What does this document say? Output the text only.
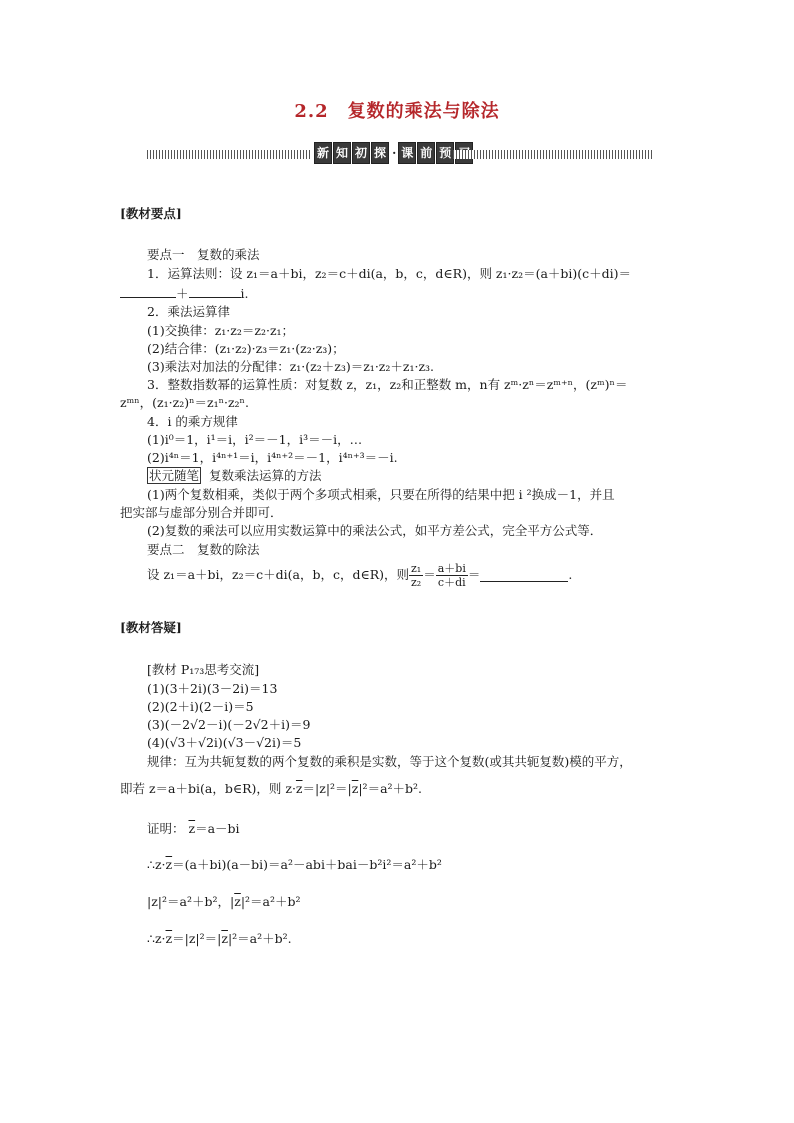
2.2　复数的乘法与除法
新 知 初 探 · 课 前 预
[教材要点]
要点一　复数的乘法
1．运算法则：设 z₁＝a＋bi，z₂＝c＋di(a，b，c，d∈R)，则 z₁·z₂＝(a＋bi)(c＋di)＝
＋	i.
2．乘法运算律
(1)交换律：z₁·z₂＝z₂·z₁；
(2)结合律：(z₁·z₂)·z₃＝z₁·(z₂·z₃)；
(3)乘法对加法的分配律：z₁·(z₂＋z₃)＝z₁·z₂＋z₁·z₃.
3．整数指数幂的运算性质：对复数 z，z₁，z₂和正整数 m，n有 zᵐ·zⁿ＝zᵐ⁺ⁿ，(zᵐ)ⁿ＝
zᵐⁿ，(z₁·z₂)ⁿ＝z₁ⁿ·z₂ⁿ.
4．i 的乘方规律
(1)i⁰＝1，i¹＝i，i²＝－1，i³＝－i，…
(2)i⁴ⁿ＝1，i⁴ⁿ⁺¹＝i，i⁴ⁿ⁺²＝－1，i⁴ⁿ⁺³＝－i.
状元随笔 复数乘法运算的方法
(1)两个复数相乘，类似于两个多项式相乘，只要在所得的结果中把 i ²换成－1，并且
把实部与虚部分别合并即可．
(2)复数的乘法可以应用实数运算中的乘法公式，如平方差公式，完全平方公式等．
要点二　复数的除法
设 z₁＝a＋bi，z₂＝c＋di(a，b，c，d∈R)，则 $\frac{\text{z₁}}{\text{z₂}} = \frac{a+bi}{c+di}$ ＝	.
[教材答疑]
[教材 P₁₇₃思考交流]
(1)(3＋2i)(3－2i)＝13
(2)(2＋i)(2－i)＝5
(3)(－2√2－i)(－2√2＋i)＝9
(4)(√3＋√2i)(√3－√2i)＝5
规律：互为共轭复数的两个复数的乘积是实数，等于这个复数(或其共轭复数)模的平方，
即若 z＝a＋bi(a，b∈R)，则 $z\cdot\overline{z}=|z|^2=|\overline{z}|^2=a^2+b^2$.
证明： $\overline{z}=a-bi$
$\therefore z\cdot\overline{z}=(a+bi)(a-bi)=a^2-abi+bai-b^2i^2=a^2+b^2$
|z|²＝a²＋b²，$|\overline{z}|^2=a^2+b^2$
$\therefore z\cdot\overline{z}=|z|^2=|\overline{z}|^2=a^2+b^2$.
